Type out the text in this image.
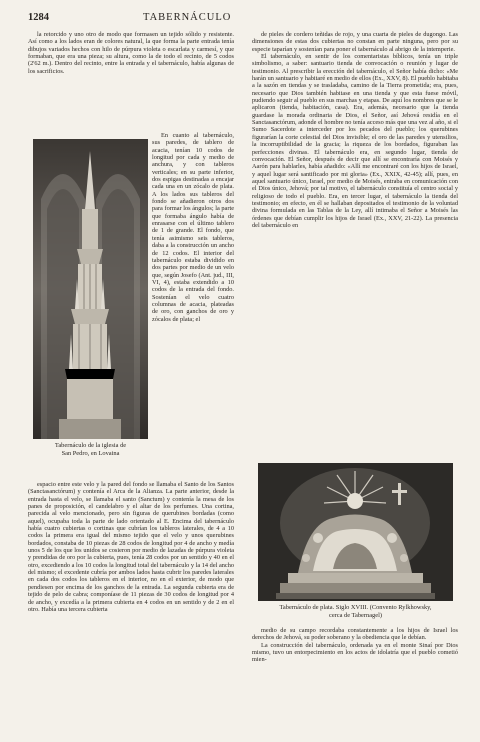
1284	TABERNÁCULO

la retorcido y uno otro de modo que formasen un tejido sólido y resistente. Así como a los lados eran de colores natural, la que forma la parte entrada tenía dibujos variados hechos con hilo de púrpura violeta o escarlata y carmesí, y que formaban, que era una pieza; su altura, como la de todo el recinto, de 5 codos (2'62 m.). Dentro del recinto, entre la entrada y el tabernáculo, había algunas de los sacrificios.

Tabernáculo de la iglesia de
San Pedro, en Lovaina

En cuanto al tabernáculo, sus paredes, de tablero de acacia, tenían 10 codos de longitud por cada y medio de anchura, y con tableros verticales; en su parte inferior, dos espigas destinadas a encajar cada una en un zócalo de plata. A los lados sus tableros del fondo se añadieron otros dos para formar los ángulos; la parte que formaba ángulo había de enrasarse con el último tablero de 1 de grande. El fondo, que tenía asimismo seis tableros, daba a la construcción un ancho de 12 codos. El interior del tabernáculo estaba dividido en dos partes por medio de un velo que, según Josefo (Ant. jud., III, VI, 4), estaba extendido a 10 codos de la entrada del fondo. Sostenían el velo cuatro columnas de acacia, plateadas de oro, con ganchos de oro y zócalos de plata; el

espacio entre este velo y la pared del fondo se llamaba el Santo de los Santos (Sanctasanctórum) y contenía el Arca de la Alianza. La parte anterior, desde la entrada hasta el velo, se llamaba el santo (Sanctum) y contenía la mesa de los panes de proposición, el candelabro y el altar de los perfumes. Una cortina, parecida al velo mencionado, pero sin figuras de querubines bordadas (como aquel), ocupaba toda la parte de lado orientado al E. Encima del tabernáculo había cuatro cubiertas o cortinas que cubrían los tableros laterales, de 4 a 10 codos la primera era igual del mismo tejido que el velo y unos querubines bordados, constaba de 10 piezas de 28 codos de longitud por 4 de ancho y medía unos 5 de los que los unidos se cosieron por medio de lazadas de púrpura violeta y prendidas de oro por la cubierta, pues, tenía 28 codos por un sentido y 40 en el otro, excediendo a los 10 codos la longitud total del tabernáculo y la 14 del ancho del mismo; el excedente cubría por ambos lados hasta cubrir los paredes laterales en cada dos codos los tableros en el interior, no en el exterior, de modo que pendiesen por encima de los ganchos de la entrada. La segunda cubierta era de tejido de pelo de cabra; componíase de 11 piezas de 30 codos de longitud por 4 de ancho, y excedía a la primera cubierta en 4 codos en un sentido y de 2 en el otro. Había una tercera cubierta

de pieles de cordero teñidas de rojo, y una cuarta de pieles de dugongo. Las dimensiones de estas dos cubiertas no constan en parte ninguna, pero por su especie taparían y sostenían para poner el tabernáculo al abrigo de la intemperie.

El tabernáculo, en sentir de los comentaristas bíblicos, tenía un triple simbolismo, a saber: santuario tienda de convocación o reunión y lugar de testimonio. Al prescribir la erección del tabernáculo, el Señor había dicho: «Me harán un santuario y habitaré en medio de ellos (Ex., XXV, 8). El pueblo habitaba a la sazón en tiendas y se trasladaba, camino de la Tierra prometida; era, pues, necesario que Dios también habitase en una tienda y que esta fuese móvil, pudiendo seguir al pueblo en sus marchas y etapas. De aquí los nombres que se le aplicaron (tienda, habitación, casa). Era, además, necesario que la tienda guardase la morada ordinaria de Dios, el Señor, así Jehová residía en el Sanctasanctórum, adonde el hombre no tenía acceso más que una vez al año, si el Sumo Sacerdote a interceder por los pecados del pueblo; los querubines figurarían la corte celestial del Dios invisible; el oro de las paredes y utensilios, la incorruptibilidad de la gracia; la riqueza de los bordados, figuraban las perfecciones divinas. El tabernáculo era, en segundo lugar, tienda de convocación. El Señor, después de decir que allí se encontraría con Moisés y Aarón para hablarles, había añadido: «Allí me encontraré con los hijos de Israel, y aquel lugar será santificado por mi gloria» (Ex., XXIX, 42-45); allí, pues, en aquel santuario único, Israel, por medio de Moisés, entraba en comunicación con el Dios único, Jehová; por tal motivo, el tabernáculo constituía el centro social y religioso de todo el pueblo. Era, en tercer lugar, el tabernáculo la tienda del testimonio; en efecto, en él se hallaban depositados el testimonio de la voluntad divina formulada en las Tablas de la Ley, allí intimaba el Señor a Moisés las órdenes que debían cumplir los hijos de Israel (Ex., XXV, 21-22). La presencia del tabernáculo en

Tabernáculo de plata. Siglo XVIII. (Convento Rylkhowsky,
cerca de Tabernagel)

medio de su campo recordaba constantemente a los hijos de Israel los derechos de Jehová, su poder soberano y la obediencia que le debían.

La construcción del tabernáculo, ordenada ya en el monte Sinaí por Dios mismo, tuvo un entorpecimiento en los actos de idolatría que el pueblo cometió mien-
